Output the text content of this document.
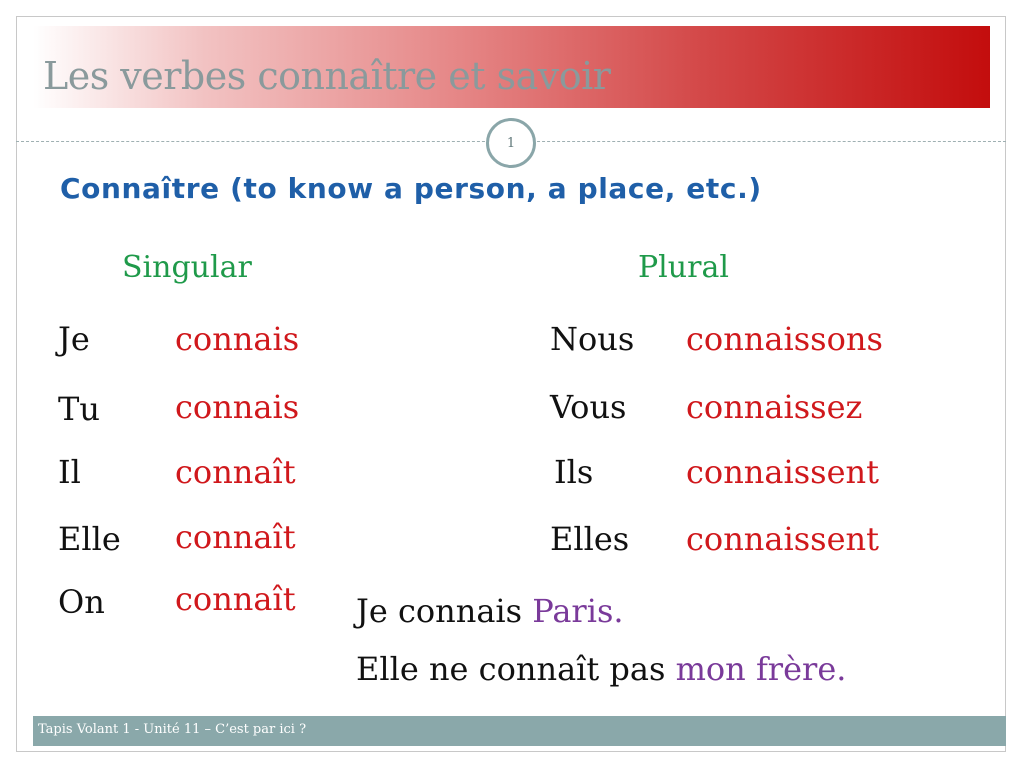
Les verbes connaître et savoir
1
Connaître (to know a person, a place, etc.)
Singular	Plural
Je	connais
Tu connais
Il	connaît
Elle connaît
On connaît
Nous connaissons
Vous connaissez
Ils	connaissent
Elles connaissent
Je connais Paris.
Elle ne connaît pas mon frère.
Tapis Volant 1 - Unité 11 – C’est par ici ?
